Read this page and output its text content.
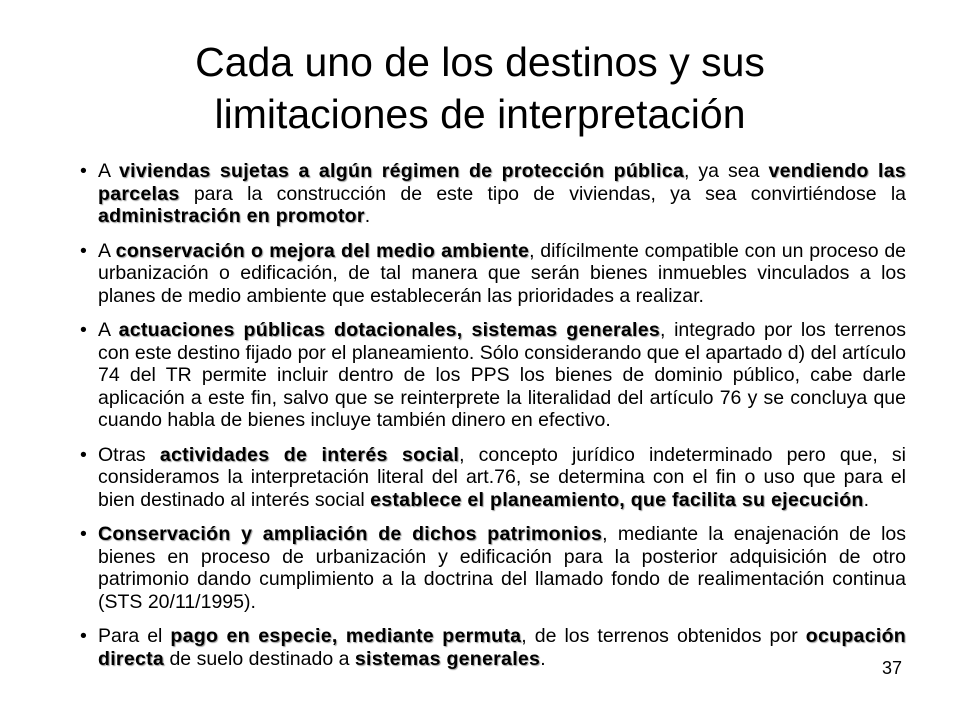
Cada uno de los destinos y sus
limitaciones de interpretación
• A viviendas sujetas a algún régimen de protección pública, ya sea vendiendo las parcelas para la construcción de este tipo de viviendas, ya sea convirtiéndose la administración en promotor.
• A conservación o mejora del medio ambiente, difícilmente compatible con un proceso de urbanización o edificación, de tal manera que serán bienes inmuebles vinculados a los planes de medio ambiente que establecerán las prioridades a realizar.
• A actuaciones públicas dotacionales, sistemas generales, integrado por los terrenos con este destino fijado por el planeamiento. Sólo considerando que el apartado d) del artículo 74 del TR permite incluir dentro de los PPS los bienes de dominio público, cabe darle aplicación a este fin, salvo que se reinterprete la literalidad del artículo 76 y se concluya que cuando habla de bienes incluye también dinero en efectivo.
• Otras actividades de interés social, concepto jurídico indeterminado pero que, si consideramos la interpretación literal del art.76, se determina con el fin o uso que para el bien destinado al interés social establece el planeamiento, que facilita su ejecución.
• Conservación y ampliación de dichos patrimonios, mediante la enajenación de los bienes en proceso de urbanización y edificación para la posterior adquisición de otro patrimonio dando cumplimiento a la doctrina del llamado fondo de realimentación continua (STS 20/11/1995).
• Para el pago en especie, mediante permuta, de los terrenos obtenidos por ocupación directa de suelo destinado a sistemas generales.	37
